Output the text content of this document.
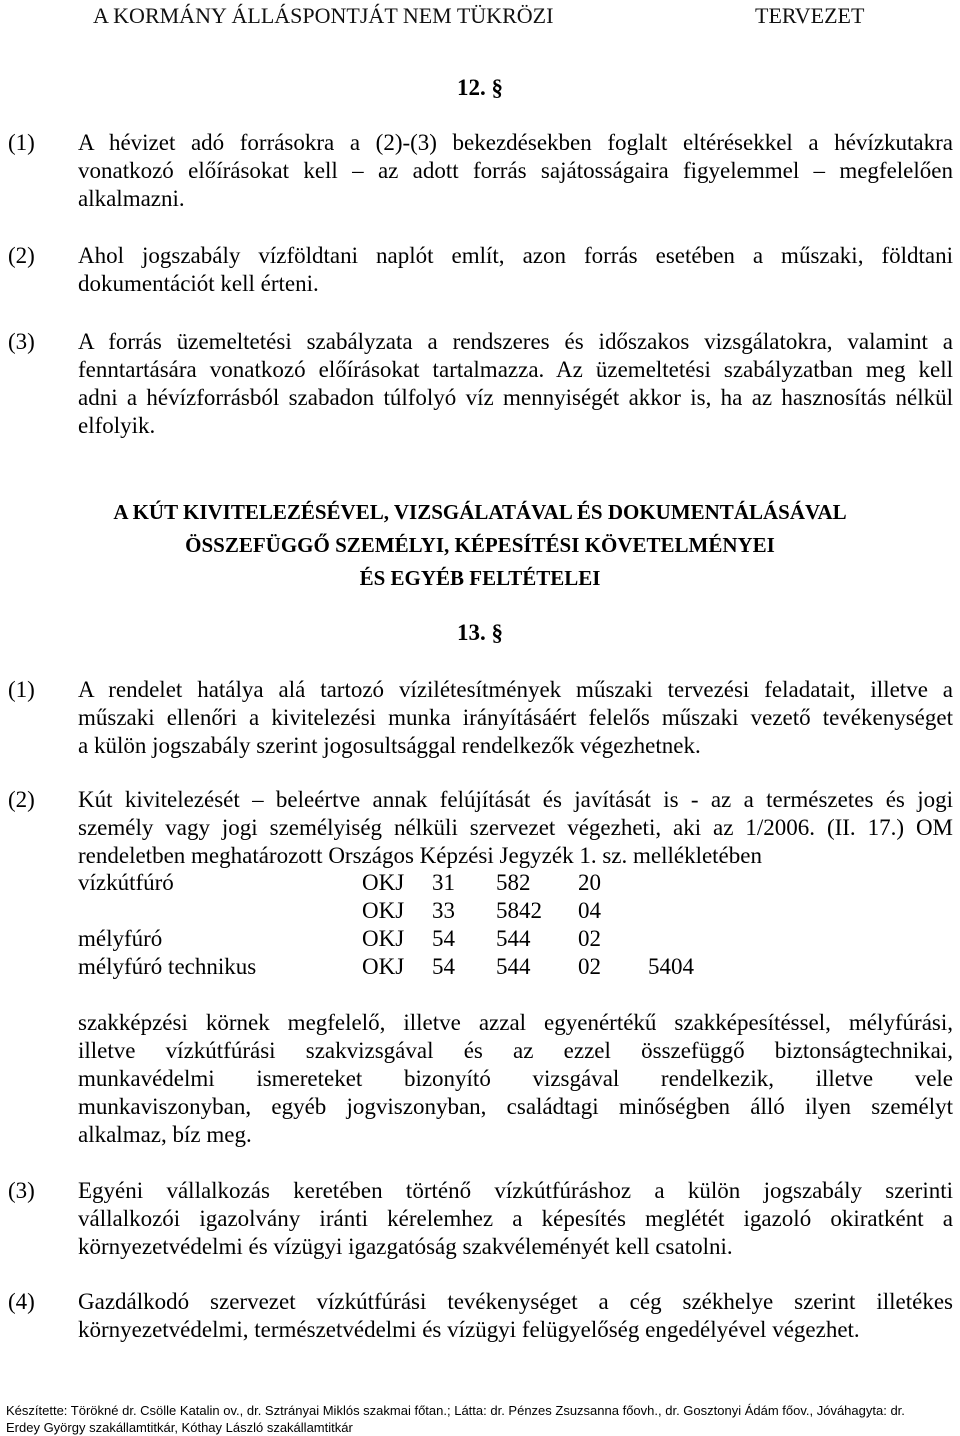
A KORMÁNY ÁLLÁSPONTJÁT NEM TÜKRÖZI	TERVEZET
12. §
(1) A hévizet adó forrásokra a (2)-(3) bekezdésekben foglalt eltérésekkel a hévízkutakra
vonatkozó előírásokat kell – az adott forrás sajátosságaira figyelemmel – megfelelően
alkalmazni.
(2) Ahol jogszabály vízföldtani naplót említ, azon forrás esetében a műszaki, földtani
dokumentációt kell érteni.
(3) A forrás üzemeltetési szabályzata a rendszeres és időszakos vizsgálatokra, valamint a
fenntartására vonatkozó előírásokat tartalmazza. Az üzemeltetési szabályzatban meg kell
adni a hévízforrásból szabadon túlfolyó víz mennyiségét akkor is, ha az hasznosítás nélkül
elfolyik.
A KÚT KIVITELEZÉSÉVEL, VIZSGÁLATÁVAL ÉS DOKUMENTÁLÁSÁVAL
ÖSSZEFÜGGŐ SZEMÉLYI, KÉPESÍTÉSI KÖVETELMÉNYEI
ÉS EGYÉB FELTÉTELEI
13. §
(1) A rendelet hatálya alá tartozó vízilétesítmények műszaki tervezési feladatait, illetve a
műszaki ellenőri a kivitelezési munka irányításáért felelős műszaki vezető tevékenységet
a külön jogszabály szerint jogosultsággal rendelkezők végezhetnek.
(2) Kút kivitelezését – beleértve annak felújítását és javítását is - az a természetes és jogi
személy vagy jogi személyiség nélküli szervezet végezheti, aki az 1/2006. (II. 17.) OM
rendeletben meghatározott Országos Képzési Jegyzék 1. sz. mellékletében
vízkútfúró	OKJ 31 582 20
OKJ 33 5842 04
mélyfúró	OKJ 54 544 02
mélyfúró technikus	OKJ 54 544 02 5404
szakképzési körnek megfelelő, illetve azzal egyenértékű szakképesítéssel, mélyfúrási,
illetve vízkútfúrási szakvizsgával és az ezzel összefüggő biztonságtechnikai,
munkavédelmi ismereteket bizonyító vizsgával rendelkezik, illetve vele
munkaviszonyban, egyéb jogviszonyban, családtagi minőségben álló ilyen személyt
alkalmaz, bíz meg.
(3) Egyéni vállalkozás keretében történő vízkútfúráshoz a külön jogszabály szerinti
vállalkozói igazolvány iránti kérelemhez a képesítés meglétét igazoló okiratként a
környezetvédelmi és vízügyi igazgatóság szakvéleményét kell csatolni.
(4) Gazdálkodó szervezet vízkútfúrási tevékenységet a cég székhelye szerint illetékes
környezetvédelmi, természetvédelmi és vízügyi felügyelőség engedélyével végezhet.
Készítette: Törökné dr. Csölle Katalin ov., dr. Sztrányai Miklós szakmai főtan.; Látta: dr. Pénzes Zsuzsanna főovh., dr. Gosztonyi Ádám főov., Jóváhagyta: dr.
Erdey György szakállamtitkár, Kóthay László szakállamtitkár
